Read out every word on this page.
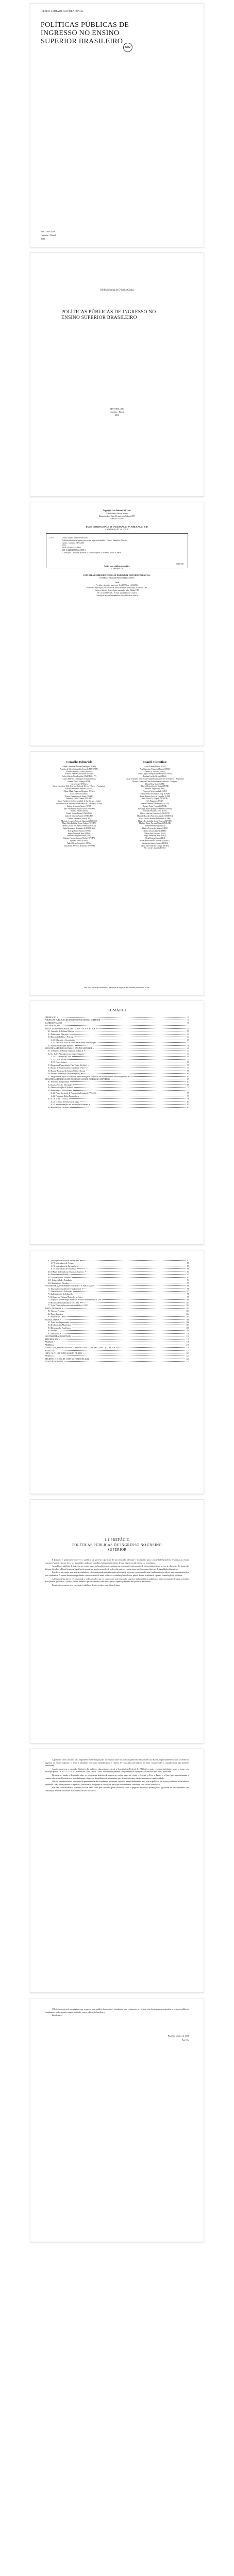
HILDEVI SAMPA DE OLIVEIRA CUNHA
POLÍTICAS PÚBLICAS DE INGRESSO NO ENSINO SUPERIOR BRASILEIRO
CRV
EDITORA CRV
Curitiba – Brasil
2016
Hildevi Sampa de Oliveira Cunha
POLÍTICAS PÚBLICAS DE INGRESSO NO ENSINO SUPERIOR BRASILEIRO
EDITORA CRV
Curitiba – Brasil
2016
Copyright © da Editora CRV Ltda.
Editor-chefe: Railson Moura
Diagramação e Capa: Designers da Editora CRV
Revisão: O Autor
DADOS INTERNACIONAIS DE CATALOGAÇÃO NA PUBLICAÇÃO (CIP)
CATALOGAÇÃO NA FONTE
C972	Cunha, Hildevi Sampa de Oliveira.
Políticas públicas de ingresso no ensino superior brasileiro / Hildevi Sampa de Oliveira
Cunha – Curitiba : CRV, 2016.
124 p.
ISBN 978-85-444-1099-1
DOI 10.24824/978854441099.1
1. Educação 2. Políticas públicas 3. Ensino superior 4. Acesso I. Título II. Série
CDD 378
Índice para catálogo sistemático
1. Educação 378
ESTA OBRA TAMBÉM ENCONTRA-SE DISPONÍVEL EM FORMATO DIGITAL.
CONHEÇA E BAIXE NOSSO APLICATIVO!
2016
Foi feito o depósito legal conf. Lei 10.994 de 14/12/2004
Proibida a reprodução parcial ou total desta obra sem autorização da Editora CRV
Todos os direitos desta edição reservados pela: Editora CRV
Tel.: (41) 3039-6418 – E-mail: sac@editoracrv.com.br
Conheça os nossos lançamentos: www.editoracrv.com.br
Conselho Editorial:
Aldira Guimarães Duarte Domínguez (UNB)
Andréia da Silva Quintanilha Sousa (UNIR/UFRN)
Anselmo Alencar Colares (UFOPA)
Antônio Pereira Gaio Júnior (UFRRJ)
Carlos Alberto Vilar Estêvão (UMINHO – PT)
Carlos Federico Dominguez Avila (Unieuro)
Carmen Tereza Velanga (UNIR)
Celso Conti (UFSCar)
Cesar Gerónimo Tello (Univer. Nacional Três de Febrero – Argentina)
Eduardo Fernandes Barbosa (UFMG)
Elione Maria Nogueira Diogenes (UFAL)
Élsio José Corá (UFFS)
Elizeu Clementino de Souza (UNEB)
Francisco Carlos Duarte (PUC-PR)
Gloria Fariñas León (Universidade de La Havana – Cuba)
Guillermo Arias Beatón (Universidade de La Havana – Cuba)
Jailson Alves dos Santos (UFRJ)
João Adalberto Campato Junior (UNESP)
Josania Portela (UFPI)
Leonel Severo Rocha (UNISINOS)
Lídia de Oliveira Xavier (UNIEURO)
Lourdes Helena da Silva (UFV)
Maria de Lourdes Pinto de Almeida (UNOESC)
Maria Lília Imbiriba Sousa Colares (UFOPA)
Maria Cristina dos Santos Bezerra (UFSCar)
Paulo Romualdo Hernandes (UNIFAL-MG)
Rodrigo Pratte-Santos (UFES)
Sérgio Nunes de Jesus (IFRO)
Simone Rodrigues Pinto (UNB)
Solange Helena Ximenes-Rocha (UFOPA)
Sydione Santos (UEPG)
Tadeu Oliver Gonçalves (UFPA)
Tania Suely Azevedo Brasileiro (UFOPA)
Comitê Científico:
Altair Alberto Fávero (UPF)
Ana Chrystina Venancio Mignot (UERJ)
Andréia N. Militão (UEMS)
Anna Augusta Sampaio de Oliveira (UNESP)
Barbara Coelho Neves (UFBA)
Cesar Gerónimo Tello (Universidad Nacional de Três de Febrero – Argentina)
Diosnel Centurion (Univ Autónoma de Asunción – Paraguai)
Eliane Rose Maio (UEM)
Elizeu Clementino de Souza (UNEB)
Fauston Negreiros (UFPI)
Francisco Ari de Andrade (UFC)
Gláucia Maria dos Santos Jorge (UFOP)
Helder Buenos Aires de Carvalho (UFPI)
Ilma Passos A. Veiga (UNICEUB)
Inês Bragança (UERJ)
José de Ribamar Sousa Pereira (UCB)
Jussara Fraga Portugal (UNEB)
Kilwangy Kya Kapitango-a-Samba (Unemat)
Lourdes Helena da Silva (UFV)
Marcos Vinicius Francisco (UNOESTE)
Maria de Lourdes Pinto de Almeida (UNOESC)
Maria Eurácia Barreto de Andrade (UFRB)
Maria Lília Imbiriba Sousa Colares (UFOPA)
Míghian Danae Ferreira Nunes (UNILAB)
Mohammed Elhajji (UFRJ)
Mônica Pereira dos Santos (UFRJ)
Najela Tavares Ujiie (UTFPR)
Nilson José Machado (USP)
Sérgio Nunes de Jesus (IFRO)
Silvia Regina Canan (URI)
Sonia Maria Ferreira Koehler (UNISAL)
Suzana dos Santos Gomes (UFMG)
Vânia Alves Martins Chaigar (FURG)
Vera Lucia Gaspar (UDESC)
Este livro passou por avaliação e aprovação às cegas de dois ou mais pareceristas ad hoc.
SUMÁRIO
1 PREFÁCIO	13
POLÍTICAS PÚBLICAS DE INGRESSO NO ENSINO SUPERIOR	13
2 APRESENTAÇÃO	15
3 INTRODUÇÃO	17
4 EDUCAÇÃO NO PARADIGMA DA POLÍTICA PÚBLICA	25
4.1 Conceito de Política Pública	25
4.2 Políticas de Educação	29
4.3 Educação Pública e Privada	33
4.3.1 Educação e Constituição	35
4.3.2 Educação e Lei de Diretrizes e Bases da Educação	37
4.4 Estado e Educação Superior	39
5 POLÍTICAS PÚBLICAS PARA O ENSINO SUPERIOR	43
5.1 O Sistema de Ensino Superior no Brasil	43
5.2 As Ações Afirmativas no Ensino Superior	47
5.2.1 O Sistema de Cotas	49
5.2.2 Cotas Raciais	51
5.2.3 Cotas Sociais	53
5.3 Programa Universidade Para Todos (ProUni)	55
5.4 Fundo de Financiamento Estudantil (Fies)	57
5.5 Exame Nacional do Ensino Médio (Enem)	59
5.6 Sistema de Seleção Unificada (Sisu)	61
5.7 Programa de Apoio a Planos de Reestruturação e Expansão das Universidades Federais (Reuni)	63
6 POLÍTICAS PÚBLICAS DE INCLUSÃO SOCIAL NO ENSINO SUPERIOR	67
6.1 Princípio da Igualdade	67
6.2 Justiça Social e Educação	69
6.3 Democratização do Acesso	71
6.4 Permanência do Estudante	73
6.4.1 Plano Nacional de Assistência Estudantil (PNAES)	75
6.4.2 Programa Bolsa Permanência	77
6.5 A Lei nº 12.711/2012	79
6.5.1 Critérios de Reserva de Vagas	81
6.5.2 Implementação nas Instituições Federais	83
6.6 Resultados e Desafios	85
6.7 Avaliação das Políticas de Ingresso	87
6.7.1 Indicadores de Acesso	88
6.7.2 Indicadores de Permanência	89
6.7.3 Indicadores de Conclusão	90
6.8 O Papel do Estado na Educação Superior	91
6.9 Financiamento Público	92
6.10 Universidades Federais	93
6.11 Universidades Estaduais	94
6.12 Instituições Privadas	95
7 CONSIDERAÇÕES SOBRE O DIREITO À EDUCAÇÃO	96
7.1 Educação como Direito Fundamental	96
7.2 Direito Social à Educação	97
7.3 Judicialização da Educação	98
7.4 O Supremo Tribunal Federal e as Cotas	99
7.5 Arguição de Descumprimento de Preceito Fundamental nº 186	100
7.6 Recurso Extraordinário nº 597.285	101
7.7 Ação Direta de Inconstitucionalidade nº 3.330	102
8 METODOLOGIA	103
8.1 Tipo de Pesquisa	103
8.2 Procedimentos	104
8.3 Análise dos Dados	105
9 RESULTADOS	106
9.1 Perfil dos Ingressantes	106
9.2 Evolução das Matrículas	107
9.3 Desempenho Acadêmico	108
9.4 Evasão	109
9.5 Discussão	110
10 CONSIDERAÇÕES FINAIS	111
REFERÊNCIAS	115
ANEXOS	119
ANEXO A	119
CONSTITUIÇÃO DA REPÚBLICA FEDERATIVA DO BRASIL, 1988 – EXCERTOS	119
ANEXO B	121
LEI Nº 12.711, DE 29 DE AGOSTO DE 2012	121
ANEXO C	123
DECRETO Nº 7.824, DE 11 DE OUTUBRO DE 2012	123
ÍNDICE REMISSIVO	124
1.1 PREFÁCIO
POLÍTICAS PÚBLICAS DE INGRESSO NO ENSINO SUPERIOR

É honroso e gratificante escrever o prefácio de um livro que trata de um tema tão relevante e necessário para a sociedade brasileira. O acesso ao ensino superior é um direito que deve ser garantido a todos os cidadãos, independentemente de sua origem social, étnica ou econômica.

As políticas públicas de ingresso no ensino superior brasileiro representam um importante instrumento de democratização do acesso à educação. Ao longo das últimas décadas, o Brasil avançou significativamente na implementação de ações afirmativas e programas que buscam reduzir as desigualdades históricas.

Este livro apresenta uma análise cuidadosa e fundamentada das principais políticas de ingresso, examinando seus fundamentos jurídicos, sua implementação e seus resultados. A autora demonstra profundo conhecimento do tema e oferece contribuições valiosas para o debate acadêmico e para a formulação de políticas.

A leitura desta obra é recomendada a todos aqueles que se interessam pela educação superior, pelas políticas públicas e pela construção de uma sociedade mais justa e igualitária. Trata-se de um trabalho que certamente contribuirá para o aperfeiçoamento das políticas existentes.

Parabenizo a autora pelo excelente trabalho e desejo a todos uma ótima leitura.

A presente obra constitui uma importante contribuição para os estudos sobre as políticas públicas educacionais no Brasil, especialmente no que se refere ao ingresso no ensino superior. O tema é abordado com rigor metodológico e clareza de exposição, permitindo ao leitor compreender a complexidade das questões envolvidas.

A autora percorre o caminho histórico das políticas educacionais, desde a Constituição Federal de 1988 até as mais recentes legislações sobre o tema, com destaque para a Lei nº 12.711/2012, conhecida como Lei de Cotas. Esta análise permite compreender os avanços e os desafios que ainda persistem.

Destaca-se, ainda, a discussão sobre os programas federais de acesso ao ensino superior, como o ProUni, o Fies, o Enem e o Sisu, que transformaram o cenário educacional brasileiro e possibilitaram o ingresso de milhares de estudantes que, de outra forma, não teriam acesso à universidade.

O livro também aborda a questão da permanência dos estudantes no ensino superior, tema fundamental para que as políticas de acesso produzam os resultados esperados. Não basta garantir o ingresso; é necessário assegurar as condições para que os estudantes concluam seus cursos com êxito.

Por fim, cabe ressaltar a relevância social desta obra, que contribui para a reflexão sobre o papel do Estado na promoção da igualdade de oportunidades e na construção de uma sociedade mais democrática e inclusiva.

O leitor encontrará, nas páginas que seguem, uma análise abrangente e atualizada, que certamente servirá de referência para pesquisadores, gestores públicos, estudantes e todos aqueles comprometidos com a educação brasileira.

Boa leitura!

Brasília, janeiro de 2016
Prof. Dr.
